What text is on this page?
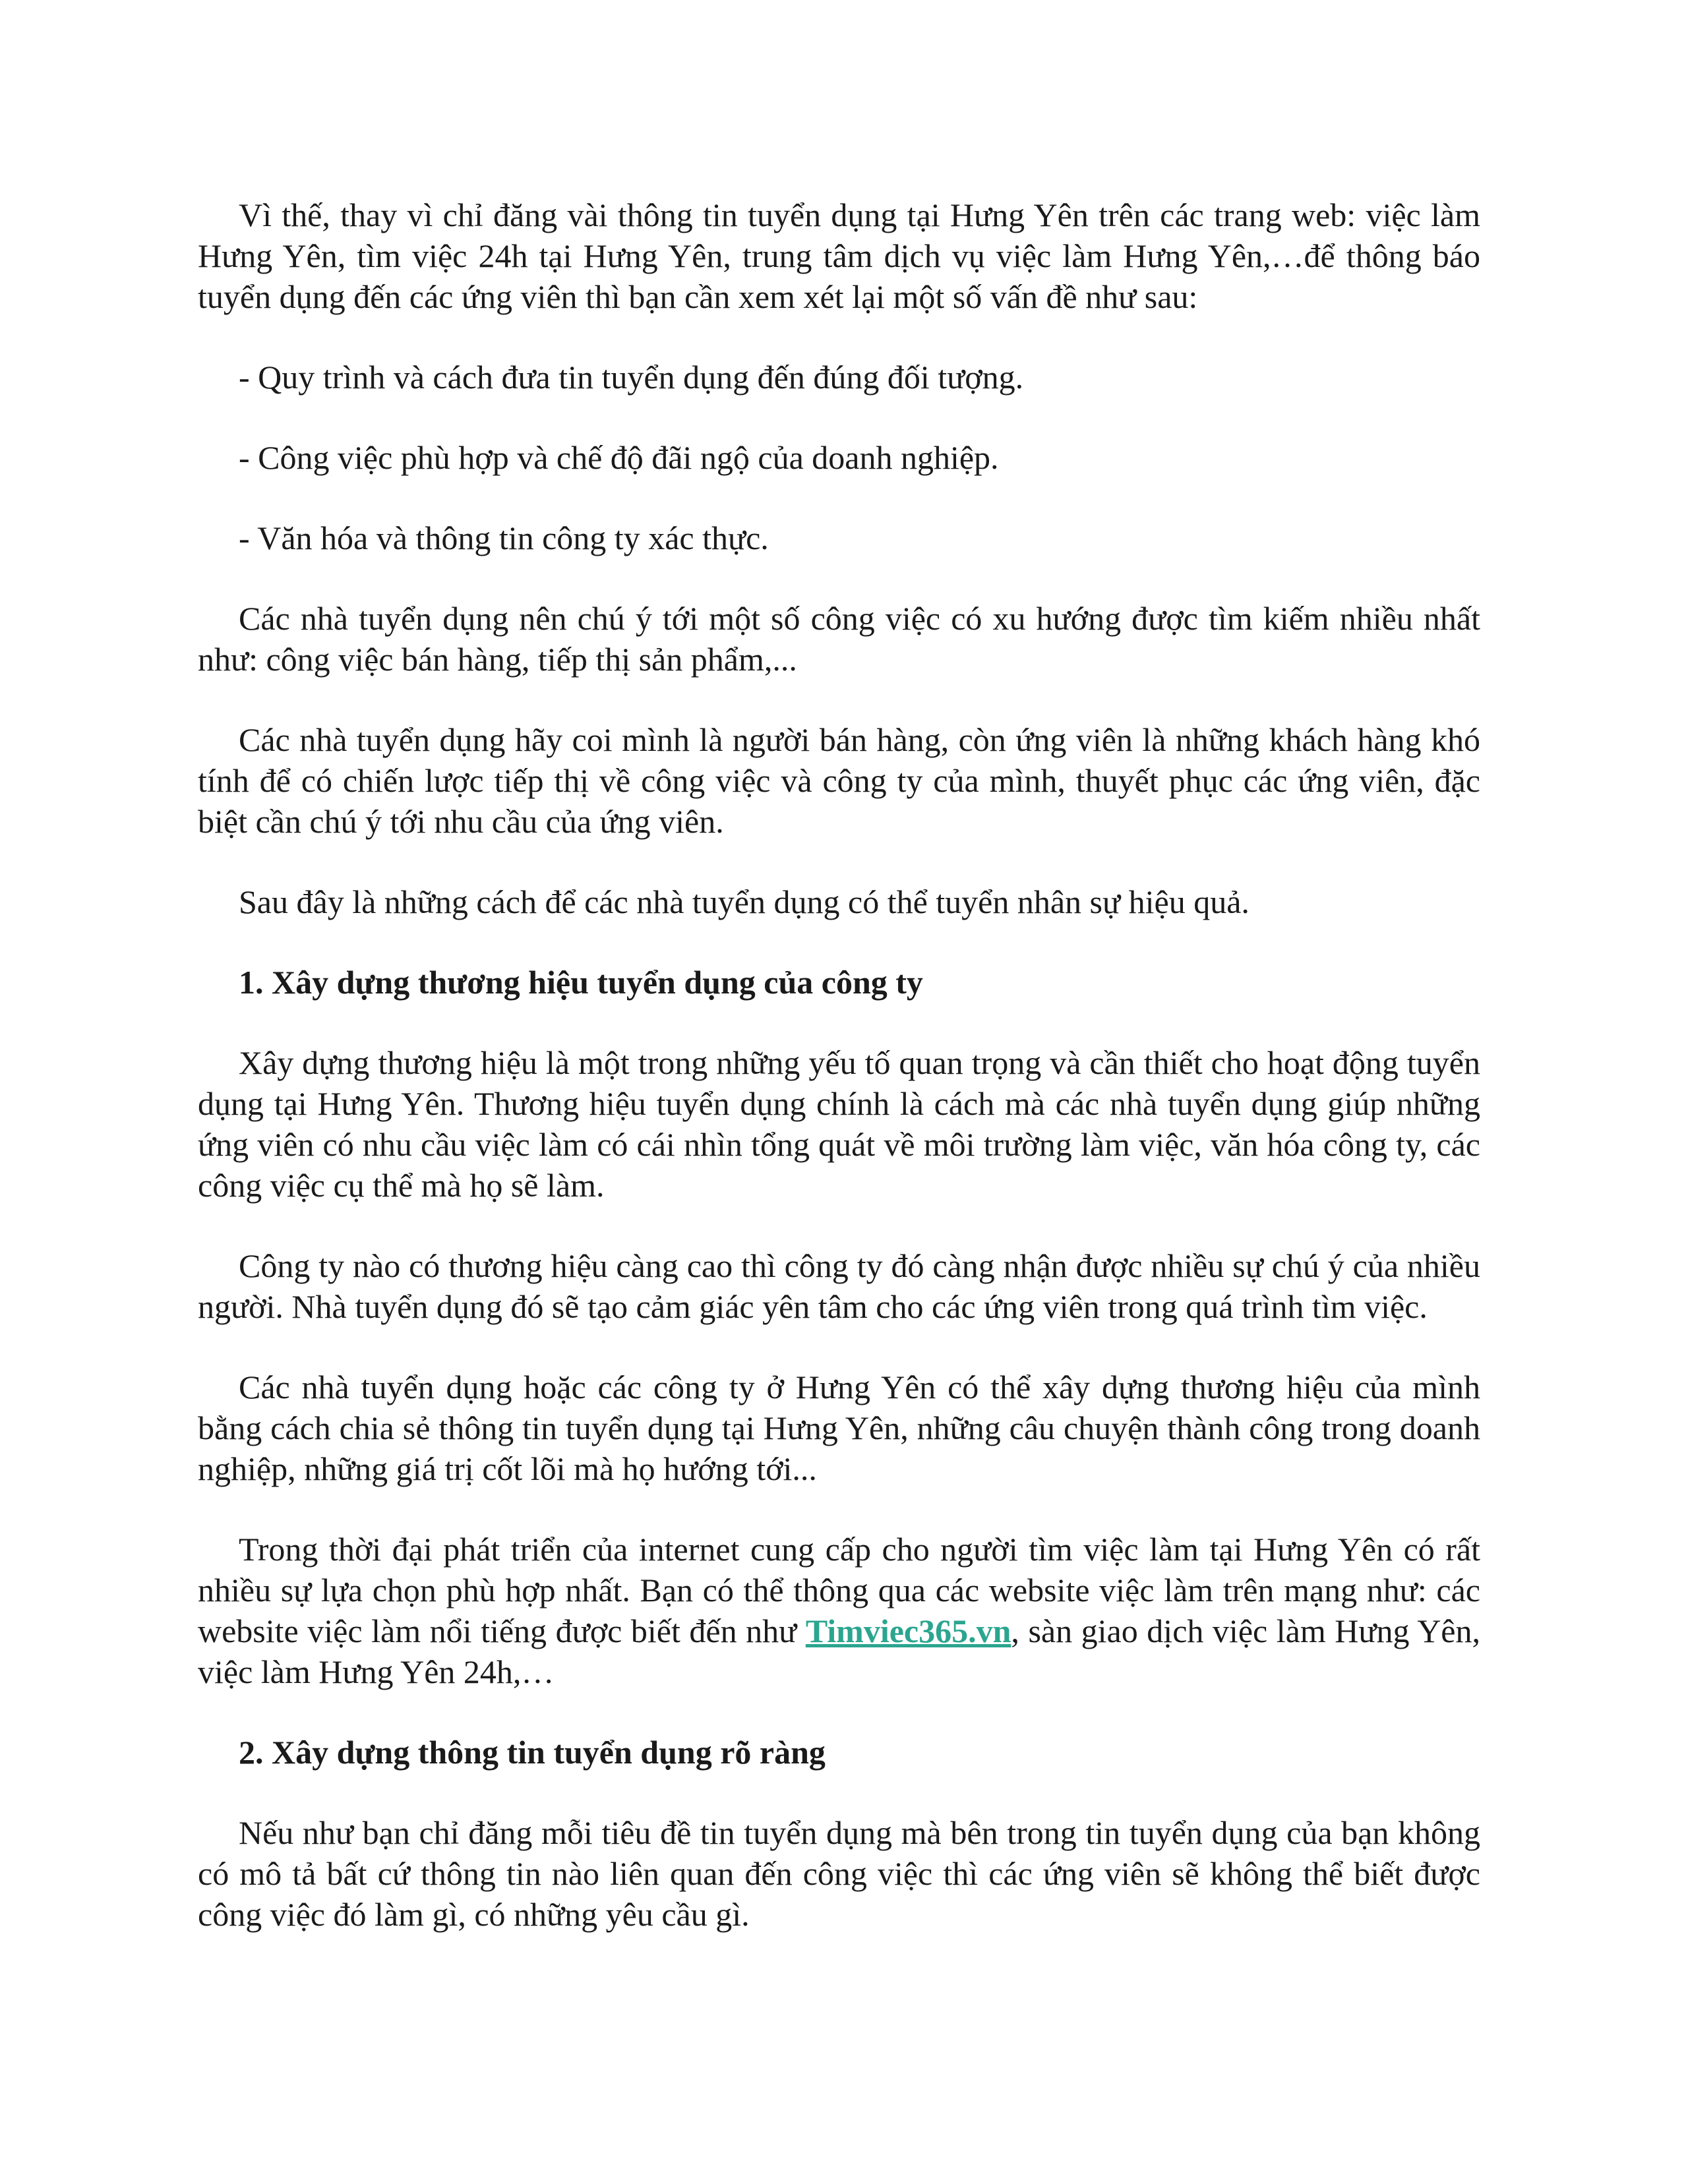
Vì thế, thay vì chỉ đăng vài thông tin tuyển dụng tại Hưng Yên trên các trang web: việc làm Hưng Yên, tìm việc 24h tại Hưng Yên, trung tâm dịch vụ việc làm Hưng Yên,…để thông báo tuyển dụng đến các ứng viên thì bạn cần xem xét lại một số vấn đề như sau:

- Quy trình và cách đưa tin tuyển dụng đến đúng đối tượng.

- Công việc phù hợp và chế độ đãi ngộ của doanh nghiệp.

- Văn hóa và thông tin công ty xác thực.

Các nhà tuyển dụng nên chú ý tới một số công việc có xu hướng được tìm kiếm nhiều nhất như: công việc bán hàng, tiếp thị sản phẩm,...

Các nhà tuyển dụng hãy coi mình là người bán hàng, còn ứng viên là những khách hàng khó tính để có chiến lược tiếp thị về công việc và công ty của mình, thuyết phục các ứng viên, đặc biệt cần chú ý tới nhu cầu của ứng viên.

Sau đây là những cách để các nhà tuyển dụng có thể tuyển nhân sự hiệu quả.

1. Xây dựng thương hiệu tuyển dụng của công ty

Xây dựng thương hiệu là một trong những yếu tố quan trọng và cần thiết cho hoạt động tuyển dụng tại Hưng Yên. Thương hiệu tuyển dụng chính là cách mà các nhà tuyển dụng giúp những ứng viên có nhu cầu việc làm có cái nhìn tổng quát về môi trường làm việc, văn hóa công ty, các công việc cụ thể mà họ sẽ làm.

Công ty nào có thương hiệu càng cao thì công ty đó càng nhận được nhiều sự chú ý của nhiều người. Nhà tuyển dụng đó sẽ tạo cảm giác yên tâm cho các ứng viên trong quá trình tìm việc.

Các nhà tuyển dụng hoặc các công ty ở Hưng Yên có thể xây dựng thương hiệu của mình bằng cách chia sẻ thông tin tuyển dụng tại Hưng Yên, những câu chuyện thành công trong doanh nghiệp, những giá trị cốt lõi mà họ hướng tới...

Trong thời đại phát triển của internet cung cấp cho người tìm việc làm tại Hưng Yên có rất nhiều sự lựa chọn phù hợp nhất. Bạn có thể thông qua các website việc làm trên mạng như: các website việc làm nổi tiếng được biết đến như Timviec365.vn, sàn giao dịch việc làm Hưng Yên, việc làm Hưng Yên 24h,…

2. Xây dựng thông tin tuyển dụng rõ ràng

Nếu như bạn chỉ đăng mỗi tiêu đề tin tuyển dụng mà bên trong tin tuyển dụng của bạn không có mô tả bất cứ thông tin nào liên quan đến công việc thì các ứng viên sẽ không thể biết được công việc đó làm gì, có những yêu cầu gì.
